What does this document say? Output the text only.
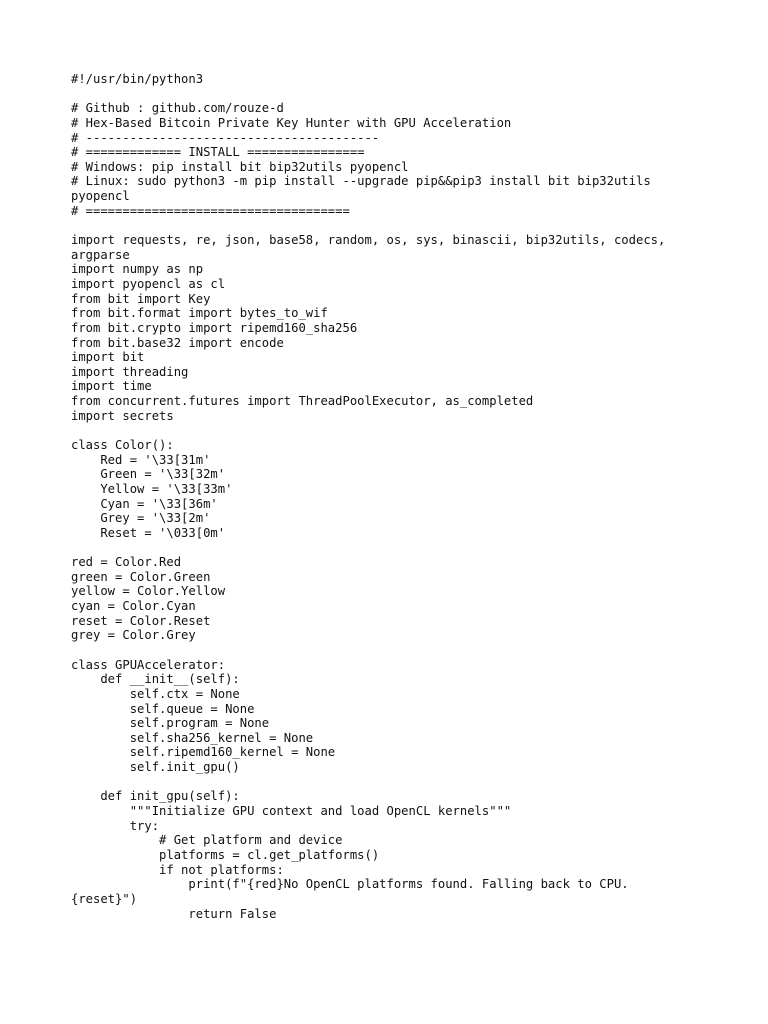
#!/usr/bin/python3
# Github : github.com/rouze-d
# Hex-Based Bitcoin Private Key Hunter with GPU Acceleration
# ----------------------------------------
# ============= INSTALL ================
# Windows: pip install bit bip32utils pyopencl
# Linux: sudo python3 -m pip install --upgrade pip&&pip3 install bit bip32utils
pyopencl
# ====================================
import requests, re, json, base58, random, os, sys, binascii, bip32utils, codecs,
argparse
import numpy as np
import pyopencl as cl
from bit import Key
from bit.format import bytes_to_wif
from bit.crypto import ripemd160_sha256
from bit.base32 import encode
import bit
import threading
import time
from concurrent.futures import ThreadPoolExecutor, as_completed
import secrets
class Color():
Red = '\33[31m'
Green = '\33[32m'
Yellow = '\33[33m'
Cyan = '\33[36m'
Grey = '\33[2m'
Reset = '\033[0m'
red = Color.Red
green = Color.Green
yellow = Color.Yellow
cyan = Color.Cyan
reset = Color.Reset
grey = Color.Grey
class GPUAccelerator:
def __init__(self):
self.ctx = None
self.queue = None
self.program = None
self.sha256_kernel = None
self.ripemd160_kernel = None
self.init_gpu()
def init_gpu(self):
"""Initialize GPU context and load OpenCL kernels"""
try:
# Get platform and device
platforms = cl.get_platforms()
if not platforms:
print(f"{red}No OpenCL platforms found. Falling back to CPU.
{reset}")
return False
